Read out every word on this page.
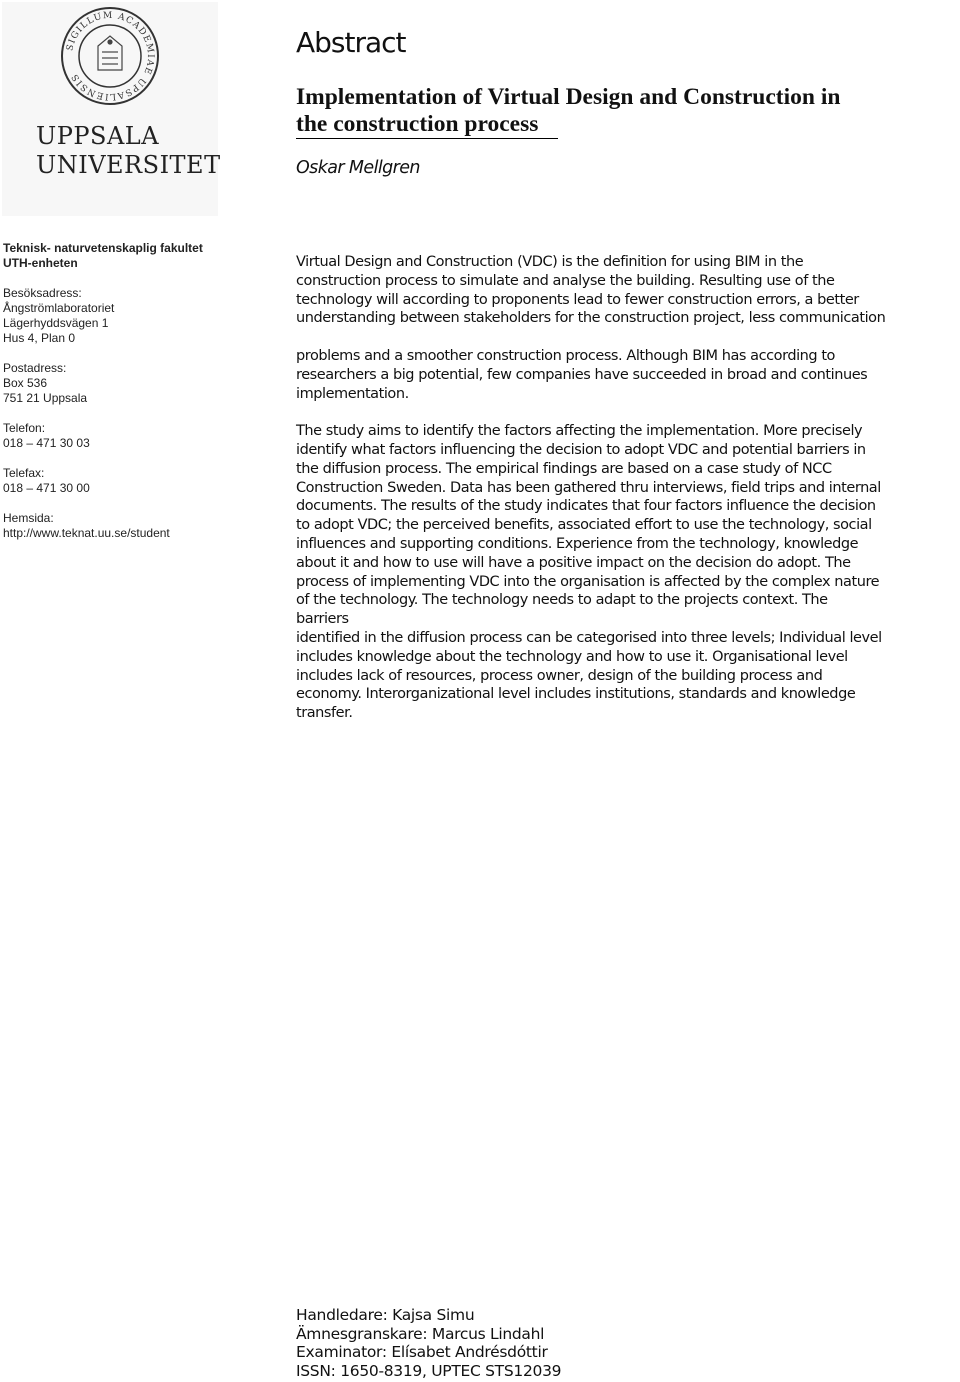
SIGILLUM ACADEMIAE UPSALIENSIS
UPPSALA
UNIVERSITET
Teknisk- naturvetenskaplig fakultet
UTH-enheten
Besöksadress:
Ångströmlaboratoriet
Lägerhyddsvägen 1
Hus 4, Plan 0
Postadress:
Box 536
751 21 Uppsala
Telefon:
018 – 471 30 03
Telefax:
018 – 471 30 00
Hemsida:
http://www.teknat.uu.se/student
Abstract
Implementation of Virtual Design and Construction in
the construction process
Oskar Mellgren

Virtual Design and Construction (VDC) is the definition for using BIM in the
construction process to simulate and analyse the building. Resulting use of the
technology will according to proponents lead to fewer construction errors, a better
understanding between stakeholders for the construction project, less communication

problems and a smoother construction process. Although BIM has according to
researchers a big potential, few companies have succeeded in broad and continues
implementation.

The study aims to identify the factors affecting the implementation. More precisely
identify what factors influencing the decision to adopt VDC and potential barriers in
the diffusion process. The empirical findings are based on a case study of NCC
Construction Sweden. Data has been gathered thru interviews, field trips and internal
documents. The results of the study indicates that four factors influence the decision
to adopt VDC; the perceived benefits, associated effort to use the technology, social
influences and supporting conditions. Experience from the technology, knowledge
about it and how to use will have a positive impact on the decision do adopt. The
process of implementing VDC into the organisation is affected by the complex nature
of the technology. The technology needs to adapt to the projects context. The
barriers
identified in the diffusion process can be categorised into three levels; Individual level
includes knowledge about the technology and how to use it. Organisational level
includes lack of resources, process owner, design of the building process and
economy. Interorganizational level includes institutions, standards and knowledge
transfer.

Handledare: Kajsa Simu
Ämnesgranskare: Marcus Lindahl
Examinator: Elísabet Andrésdóttir
ISSN: 1650-8319, UPTEC STS12039
